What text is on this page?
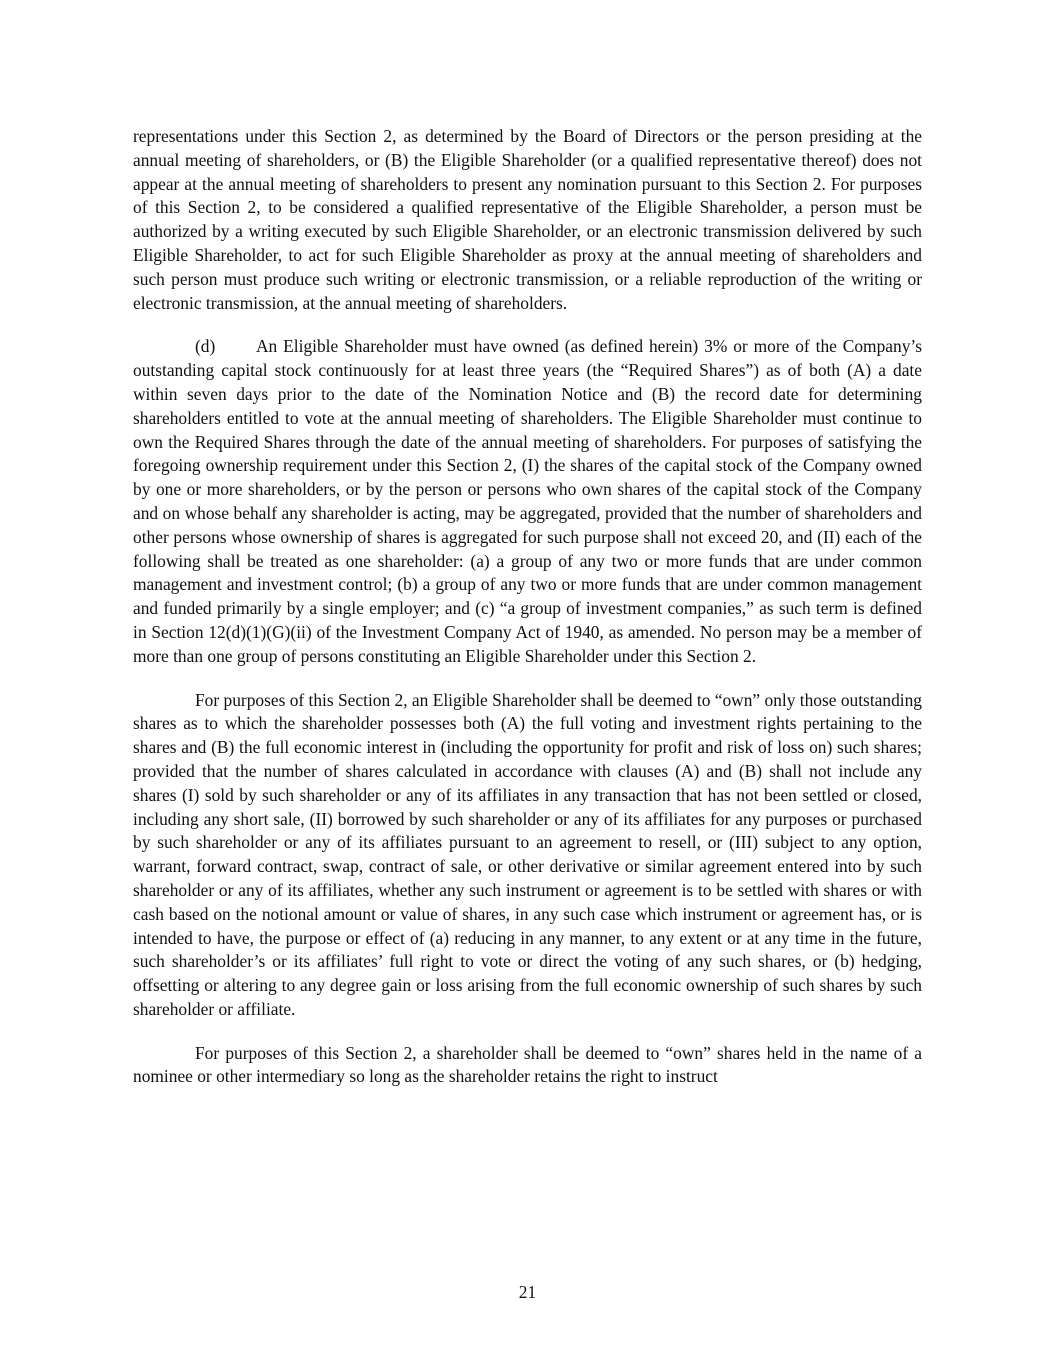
representations under this Section 2, as determined by the Board of Directors or the person presiding at the annual meeting of shareholders, or (B) the Eligible Shareholder (or a qualified representative thereof) does not appear at the annual meeting of shareholders to present any nomination pursuant to this Section 2. For purposes of this Section 2, to be considered a qualified representative of the Eligible Shareholder, a person must be authorized by a writing executed by such Eligible Shareholder, or an electronic transmission delivered by such Eligible Shareholder, to act for such Eligible Shareholder as proxy at the annual meeting of shareholders and such person must produce such writing or electronic transmission, or a reliable reproduction of the writing or electronic transmission, at the annual meeting of shareholders.

(d) An Eligible Shareholder must have owned (as defined herein) 3% or more of the Company’s outstanding capital stock continuously for at least three years (the “Required Shares”) as of both (A) a date within seven days prior to the date of the Nomination Notice and (B) the record date for determining shareholders entitled to vote at the annual meeting of shareholders. The Eligible Shareholder must continue to own the Required Shares through the date of the annual meeting of shareholders. For purposes of satisfying the foregoing ownership requirement under this Section 2, (I) the shares of the capital stock of the Company owned by one or more shareholders, or by the person or persons who own shares of the capital stock of the Company and on whose behalf any shareholder is acting, may be aggregated, provided that the number of shareholders and other persons whose ownership of shares is aggregated for such purpose shall not exceed 20, and (II) each of the following shall be treated as one shareholder: (a) a group of any two or more funds that are under common management and investment control; (b) a group of any two or more funds that are under common management and funded primarily by a single employer; and (c) “a group of investment companies,” as such term is defined in Section 12(d)(1)(G)(ii) of the Investment Company Act of 1940, as amended. No person may be a member of more than one group of persons constituting an Eligible Shareholder under this Section 2.

For purposes of this Section 2, an Eligible Shareholder shall be deemed to “own” only those outstanding shares as to which the shareholder possesses both (A) the full voting and investment rights pertaining to the shares and (B) the full economic interest in (including the opportunity for profit and risk of loss on) such shares; provided that the number of shares calculated in accordance with clauses (A) and (B) shall not include any shares (I) sold by such shareholder or any of its affiliates in any transaction that has not been settled or closed, including any short sale, (II) borrowed by such shareholder or any of its affiliates for any purposes or purchased by such shareholder or any of its affiliates pursuant to an agreement to resell, or (III) subject to any option, warrant, forward contract, swap, contract of sale, or other derivative or similar agreement entered into by such shareholder or any of its affiliates, whether any such instrument or agreement is to be settled with shares or with cash based on the notional amount or value of shares, in any such case which instrument or agreement has, or is intended to have, the purpose or effect of (a) reducing in any manner, to any extent or at any time in the future, such shareholder’s or its affiliates’ full right to vote or direct the voting of any such shares, or (b) hedging, offsetting or altering to any degree gain or loss arising from the full economic ownership of such shares by such shareholder or affiliate.

For purposes of this Section 2, a shareholder shall be deemed to “own” shares held in the name of a nominee or other intermediary so long as the shareholder retains the right to instruct

21
